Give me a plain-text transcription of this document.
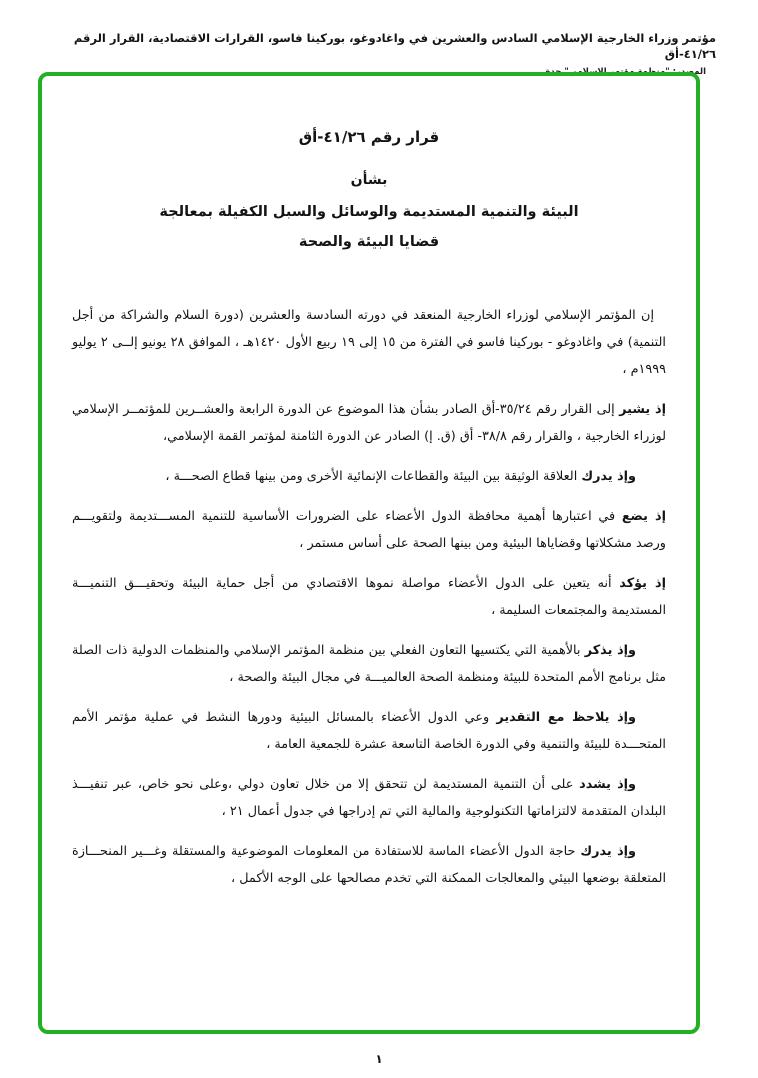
مؤتمر وزراء الخارجية الإسلامي السادس والعشرين في واغادوغو، بوركينا فاسو، القرارات الاقتصادية، القرار الرقم ٤١/٢٦-أق
المصدر: "منظمة مؤتمر الاسلامي" جدة
قرار رقم ٤١/٢٦-أق
بشأن
البيئة والتنمية المستديمة والوسائل والسبل الكفيلة بمعالجة
قضايا البيئة والصحة

إن المؤتمر الإسلامي لوزراء الخارجية المنعقد في دورته السادسة والعشرين (دورة السلام والشراكة من أجل التنمية) في واغادوغو - بوركينا فاسو في الفترة من ١٥ إلى ١٩ ربيع الأول ١٤٢٠هـ ، الموافق ٢٨ يونيو إلــى ٢ يوليو ١٩٩٩م ،

إذ يشير إلى القرار رقم ٣٥/٢٤-أق الصادر بشأن هذا الموضوع عن الدورة الرابعة والعشــرين للمؤتمــر الإسلامي لوزراء الخارجية ، والقرار رقم ٣٨/٨- أق (ق. إ) الصادر عن الدورة الثامنة لمؤتمر القمة الإسلامي،

وإذ يدرك العلاقة الوثيقة بين البيئة والقطاعات الإنمائية الأخرى ومن بينها قطاع الصحـــة ،

إذ يضع في اعتبارها أهمية محافظة الدول الأعضاء على الضرورات الأساسية للتنمية المســـتديمة ولتقويـــم ورصد مشكلاتها وقضاياها البيئية ومن بينها الصحة على أساس مستمر ،

إذ يؤكد أنه يتعين على الدول الأعضاء مواصلة نموها الاقتصادي من أجل حماية البيئة وتحقيـــق التنميـــة المستديمة والمجتمعات السليمة ،

وإذ يذكر بالأهمية التي يكتسيها التعاون الفعلي بين منظمة المؤتمر الإسلامي والمنظمات الدولية ذات الصلة مثل برنامج الأمم المتحدة للبيئة ومنظمة الصحة العالميـــة في مجال البيئة والصحة ،

وإذ يلاحظ مع التقدير وعي الدول الأعضاء بالمسائل البيئية ودورها النشط في عملية مؤتمر الأمم المتحـــدة للبيئة والتنمية وفي الدورة الخاصة التاسعة عشرة للجمعية العامة ،

وإذ يشدد على أن التنمية المستديمة لن تتحقق إلا من خلال تعاون دولي ،وعلى نحو خاص، عبر تنفيـــذ البلدان المتقدمة لالتزاماتها التكنولوجية والمالية التي تم إدراجها في جدول أعمال ٢١ ،

وإذ يدرك حاجة الدول الأعضاء الماسة للاستفادة من المعلومات الموضوعية والمستقلة وغـــير المنحـــازة المتعلقة بوضعها البيئي والمعالجات الممكنة التي تخدم مصالحها على الوجه الأكمل ،

١
